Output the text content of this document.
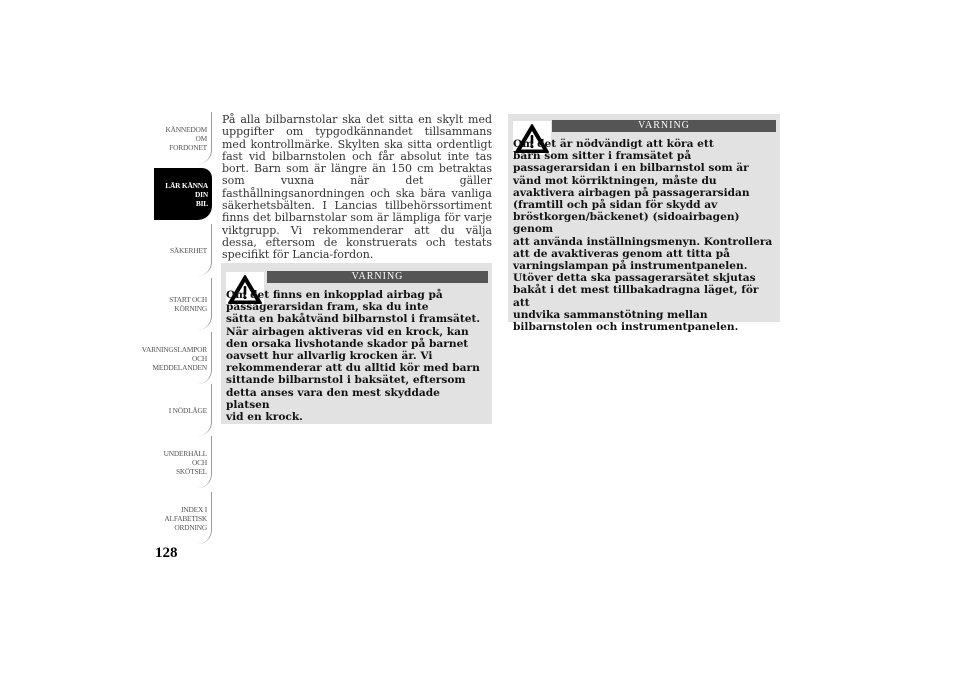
KÄNNEDOM OM
FORDONET
LÄR KÄNNA DIN
BIL
SÄKERHET
START OCH
KÖRNING
VARNINGSLAMPOR
OCH
MEDDELANDEN
I NÖDLÄGE
UNDERHÅLL OCH
SKÖTSEL
INDEX I
ALFABETISK
ORDNING
128

På alla bilbarnstolar ska det sitta en skylt med uppgifter om typgodkännandet tillsammans med kontrollmärke. Skylten ska sitta ordentligt fast vid bilbarnstolen och får absolut inte tas bort. Barn som är längre än 150 cm betraktas som vuxna när det gäller fasthållningsanordningen och ska bära vanliga säkerhetsbälten. I Lancias tillbehörssortiment finns det bilbarnstolar som är lämpliga för varje viktgrupp. Vi rekommenderar att du välja dessa, eftersom de konstruerats och testats specifikt för Lancia-fordon.

VARNING

Om det finns en inkopplad airbag på
passagerarsidan fram, ska du inte
sätta en bakåtvänd bilbarnstol i framsätet.
När airbagen aktiveras vid en krock, kan
den orsaka livshotande skador på barnet
oavsett hur allvarlig krocken är. Vi
rekommenderar att du alltid kör med barn
sittande bilbarnstol i baksätet, eftersom
detta anses vara den mest skyddade platsen
vid en krock.

VARNING

Om det är nödvändigt att köra ett
barn som sitter i framsätet på
passagerarsidan i en bilbarnstol som är
vänd mot körriktningen, måste du
avaktivera airbagen på passagerarsidan
(framtill och på sidan för skydd av
bröstkorgen/bäckenet) (sidoairbagen) genom
att använda inställningsmenyn. Kontrollera
att de avaktiveras genom att titta på
varningslampan på instrumentpanelen.
Utöver detta ska passagerarsätet skjutas
bakåt i det mest tillbakadragna läget, för att
undvika sammanstötning mellan
bilbarnstolen och instrumentpanelen.
